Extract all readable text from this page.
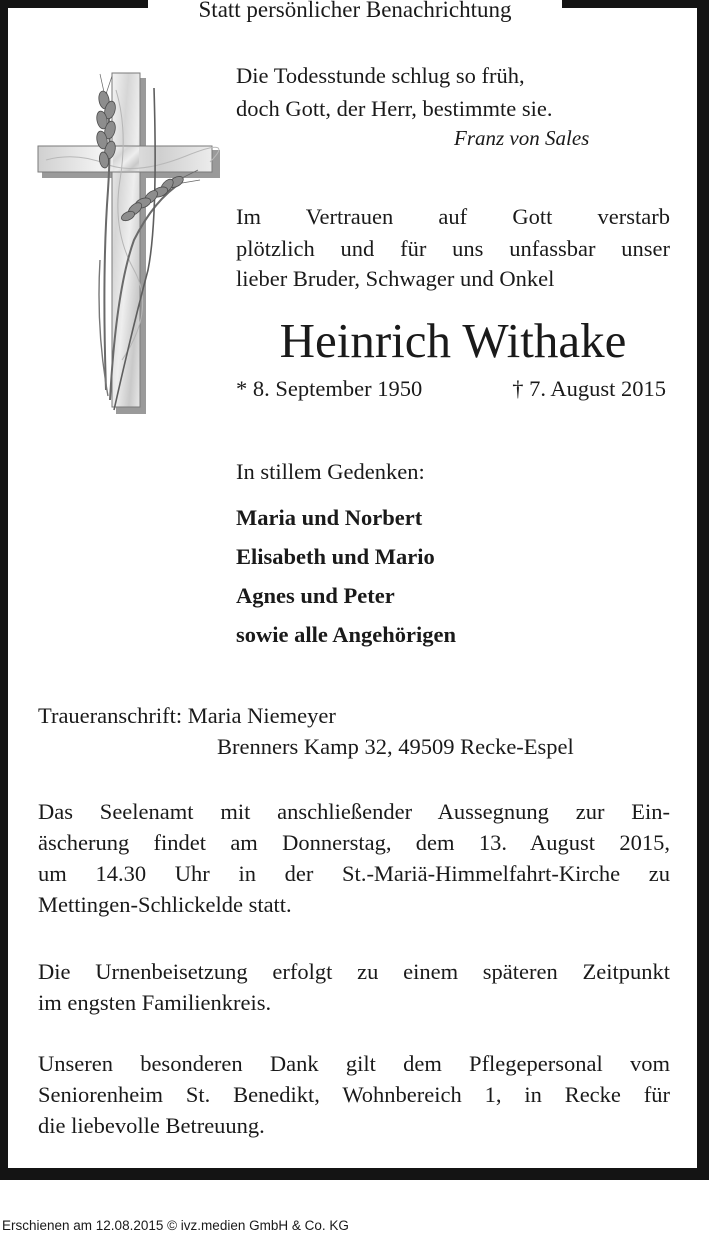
Statt persönlicher Benachrichtung

Die Todesstunde schlug so früh,

doch Gott, der Herr, bestimmte sie.

Franz von Sales

Im Vertrauen auf Gott verstarb

plötzlich und für uns unfassbar unser

lieber Bruder, Schwager und Onkel

Heinrich Withake

* 8. September 1950	† 7. August 2015

In stillem Gedenken:

Maria und Norbert

Elisabeth und Mario

Agnes und Peter

sowie alle Angehörigen

Traueranschrift: Maria Niemeyer

Brenners Kamp 32, 49509 Recke-Espel

Das Seelenamt mit anschließender Aussegnung zur Ein-
äscherung findet am Donnerstag, dem 13. August 2015,
um 14.30 Uhr in der St.-Mariä-Himmelfahrt-Kirche zu
Mettingen-Schlickelde statt.
Die Urnenbeisetzung erfolgt zu einem späteren Zeitpunkt
im engsten Familienkreis.
Unseren besonderen Dank gilt dem Pflegepersonal vom
Seniorenheim St. Benedikt, Wohnbereich 1, in Recke für
die liebevolle Betreuung.

Erschienen am 12.08.2015 © ivz.medien GmbH & Co. KG
